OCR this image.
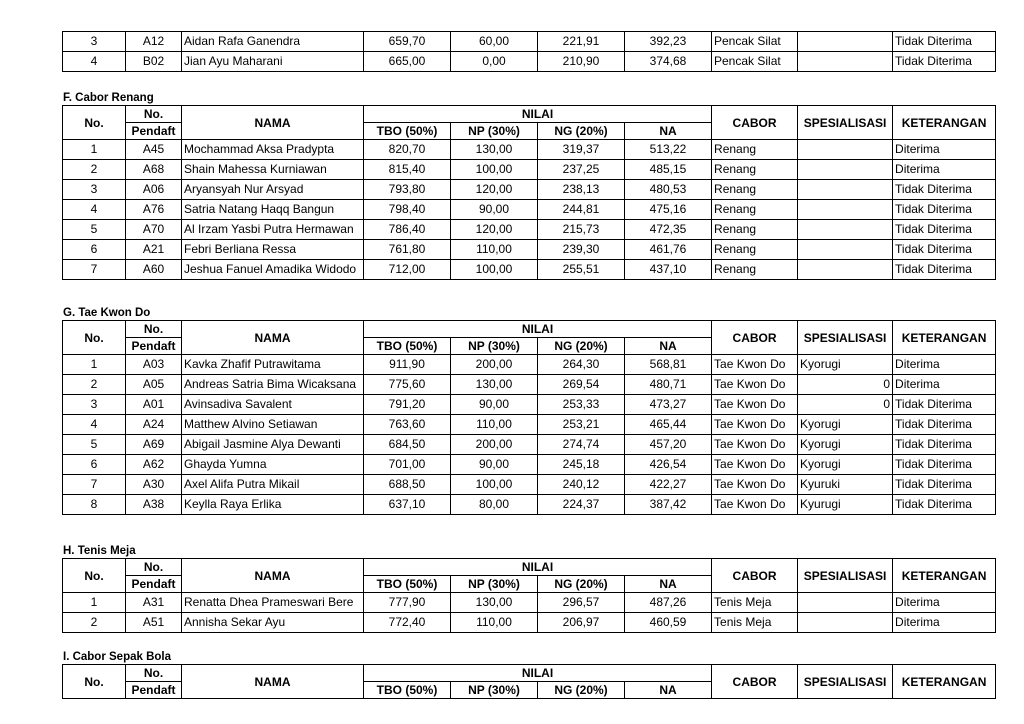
3	A12	Aidan Rafa Ganendra	659,70	60,00	221,91	392,23	Pencak Silat		Tidak Diterima
4	B02	Jian Ayu Maharani	665,00	0,00	210,90	374,68	Pencak Silat		Tidak Diterima
F. Cabor Renang
No.	No.	NAMA	NILAI				CABOR	SPESIALISASI	KETERANGAN
	Pendaft		TBO (50%)	NP (30%)	NG (20%)	NA			
1	A45	Mochammad Aksa Pradypta	820,70	130,00	319,37	513,22	Renang		Diterima
2	A68	Shain Mahessa Kurniawan	815,40	100,00	237,25	485,15	Renang		Diterima
3	A06	Aryansyah Nur Arsyad	793,80	120,00	238,13	480,53	Renang		Tidak Diterima
4	A76	Satria Natang Haqq Bangun	798,40	90,00	244,81	475,16	Renang		Tidak Diterima
5	A70	Al Irzam Yasbi Putra Hermawan	786,40	120,00	215,73	472,35	Renang		Tidak Diterima
6	A21	Febri Berliana Ressa	761,80	110,00	239,30	461,76	Renang		Tidak Diterima
7	A60	Jeshua Fanuel Amadika Widodo	712,00	100,00	255,51	437,10	Renang		Tidak Diterima
G. Tae Kwon Do
No.	No.	NAMA	NILAI				CABOR	SPESIALISASI	KETERANGAN
	Pendaft		TBO (50%)	NP (30%)	NG (20%)	NA			
1	A03	Kavka Zhafif Putrawitama	911,90	200,00	264,30	568,81	Tae Kwon Do	Kyorugi	Diterima
2	A05	Andreas Satria Bima Wicaksana	775,60	130,00	269,54	480,71	Tae Kwon Do	0	Diterima
3	A01	Avinsadiva Savalent	791,20	90,00	253,33	473,27	Tae Kwon Do	0	Tidak Diterima
4	A24	Matthew Alvino Setiawan	763,60	110,00	253,21	465,44	Tae Kwon Do	Kyorugi	Tidak Diterima
5	A69	Abigail Jasmine Alya Dewanti	684,50	200,00	274,74	457,20	Tae Kwon Do	Kyorugi	Tidak Diterima
6	A62	Ghayda Yumna	701,00	90,00	245,18	426,54	Tae Kwon Do	Kyorugi	Tidak Diterima
7	A30	Axel Alifa Putra Mikail	688,50	100,00	240,12	422,27	Tae Kwon Do	Kyuruki	Tidak Diterima
8	A38	Keylla Raya Erlika	637,10	80,00	224,37	387,42	Tae Kwon Do	Kyurugi	Tidak Diterima
H. Tenis Meja
No.	No.	NAMA	NILAI				CABOR	SPESIALISASI	KETERANGAN
	Pendaft		TBO (50%)	NP (30%)	NG (20%)	NA			
1	A31	Renatta Dhea Prameswari Bere	777,90	130,00	296,57	487,26	Tenis Meja		Diterima
2	A51	Annisha Sekar Ayu	772,40	110,00	206,97	460,59	Tenis Meja		Diterima
I. Cabor Sepak Bola
No.	No.	NAMA	NILAI				CABOR	SPESIALISASI	KETERANGAN
	Pendaft		TBO (50%)	NP (30%)	NG (20%)	NA			
